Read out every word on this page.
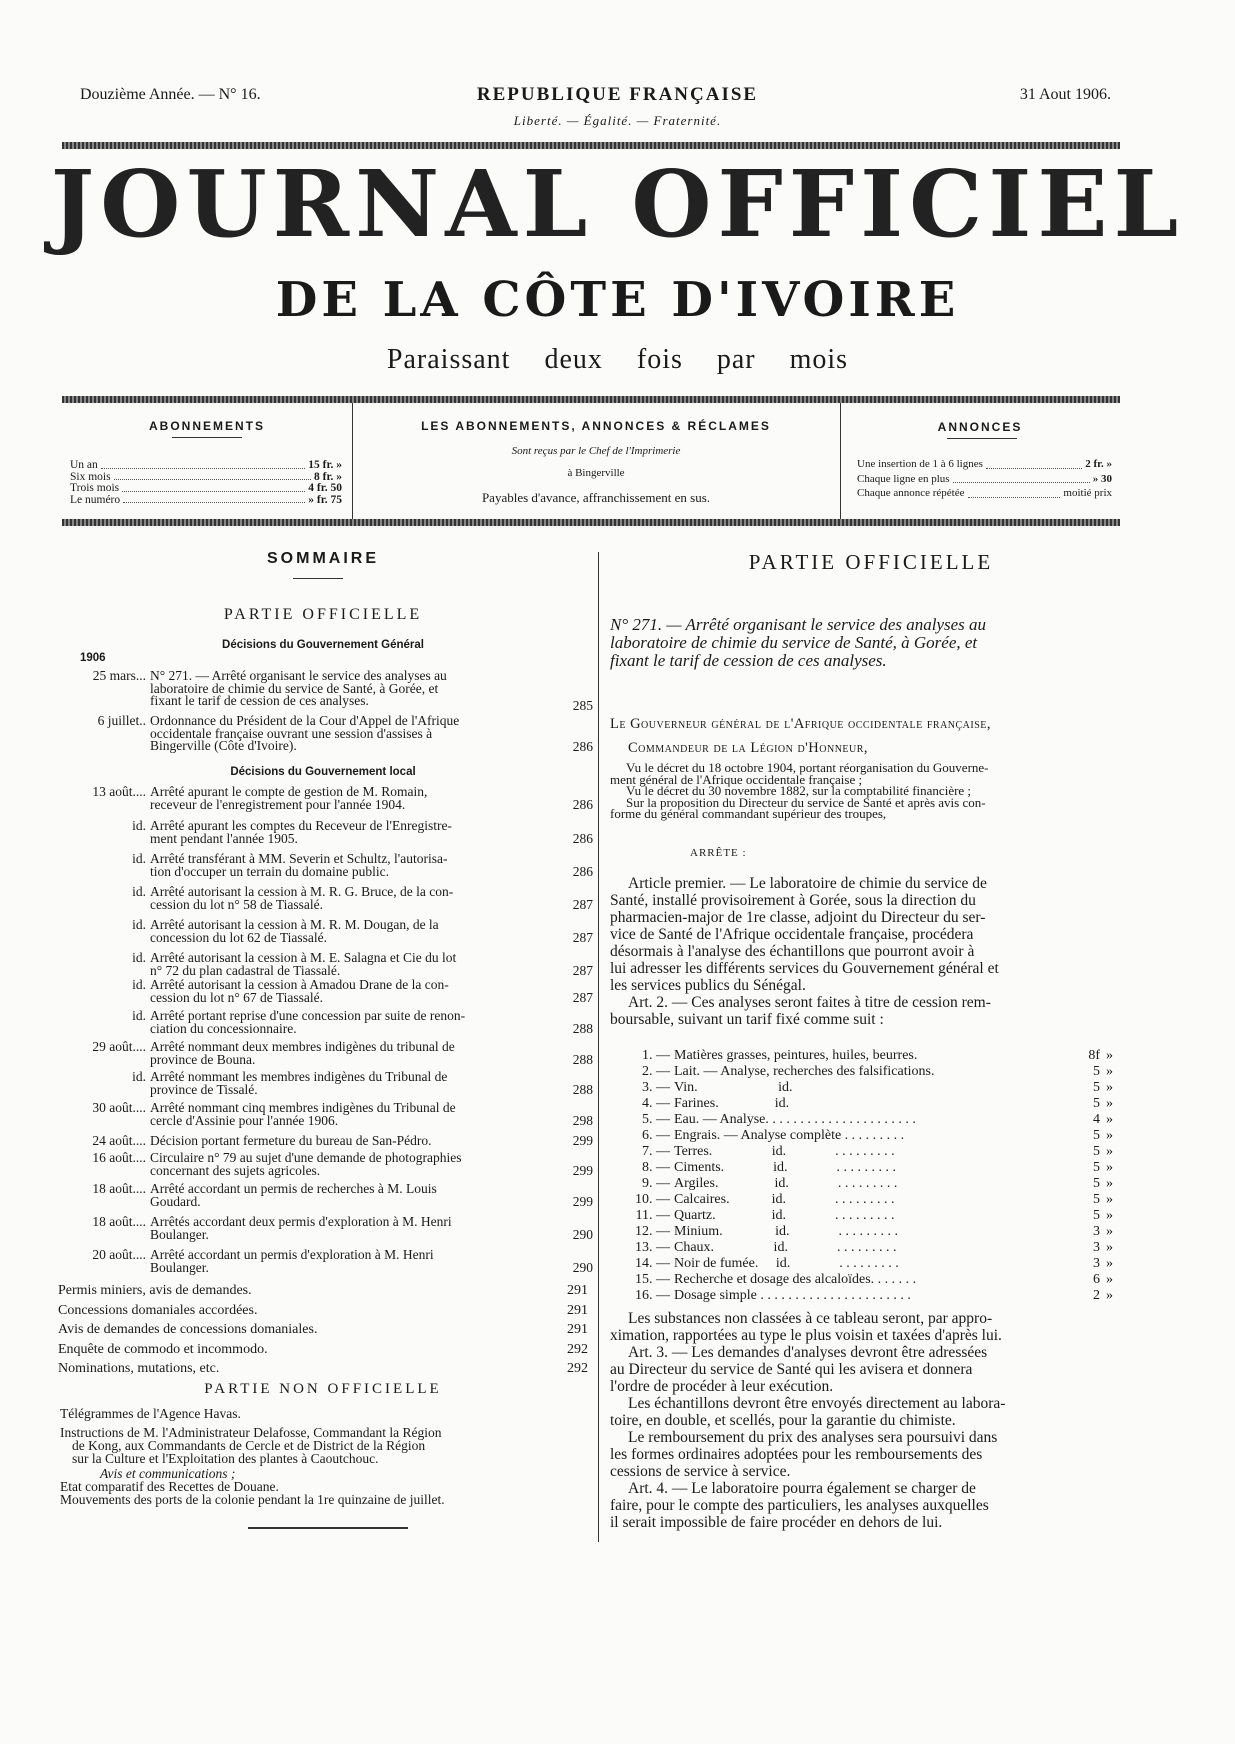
Douzième Année. — N° 16.	REPUBLIQUE FRANÇAISE
Liberté. — Égalité. — Fraternité.
31 Aout 1906.
JOURNAL OFFICIEL
DE LA CÔTE D'IVOIRE
Paraissant deux fois par mois
ABONNEMENTS
Un an	15 fr. »
Six mois	8 fr. »
Trois mois	4 fr. 50
Le numéro	» fr. 75
LES ABONNEMENTS, ANNONCES & RÉCLAMES
Sont reçus par le Chef de l'Imprimerie
à Bingerville
Payables d'avance, affranchissement en sus.
ANNONCES
Une insertion de 1 à 6 lignes	2 fr. »
Chaque ligne en plus	» 30
Chaque annonce répétée	moitié prix
SOMMAIRE
PARTIE OFFICIELLE
Décisions du Gouvernement Général
1906
25 mars... N° 271. — Arrêté organisant le service des analyses au
laboratoire de chimie du service de Santé, à Gorée, et
fixant le tarif de cession de ces analyses.	285
6 juillet.. Ordonnance du Président de la Cour d'Appel de l'Afrique
occidentale française ouvrant une session d'assises à
Bingerville (Côte d'Ivoire).	286
Décisions du Gouvernement local
13 août.... Arrêté apurant le compte de gestion de M. Romain,
receveur de l'enregistrement pour l'année 1904.	286
id. Arrêté apurant les comptes du Receveur de l'Enregistre-
ment pendant l'année 1905.	286
id. Arrêté transférant à MM. Severin et Schultz, l'autorisa-
tion d'occuper un terrain du domaine public.	286
id. Arrêté autorisant la cession à M. R. G. Bruce, de la con-
cession du lot n° 58 de Tiassalé.	287
id. Arrêté autorisant la cession à M. R. M. Dougan, de la
concession du lot 62 de Tiassalé.	287
id. Arrêté autorisant la cession à M. E. Salagna et Cie du lot
n° 72 du plan cadastral de Tiassalé.	287
id. Arrêté autorisant la cession à Amadou Drane de la con-
cession du lot n° 67 de Tiassalé.	287
id. Arrêté portant reprise d'une concession par suite de renon-
ciation du concessionnaire.	288
29 août.... Arrêté nommant deux membres indigènes du tribunal de
province de Bouna.	288
id. Arrêté nommant les membres indigènes du Tribunal de
province de Tissalé.	288
30 août.... Arrêté nommant cinq membres indigènes du Tribunal de
cercle d'Assinie pour l'année 1906.	298
24 août.... Décision portant fermeture du bureau de San-Pédro.	299
16 août.... Circulaire n° 79 au sujet d'une demande de photographies
concernant des sujets agricoles.	299
18 août.... Arrêté accordant un permis de recherches à M. Louis
Goudard.	299
18 août.... Arrêtés accordant deux permis d'exploration à M. Henri
Boulanger.	290
20 août.... Arrêté accordant un permis d'exploration à M. Henri
Boulanger.	290
Permis miniers, avis de demandes.	291
Concessions domaniales accordées.	291
Avis de demandes de concessions domaniales.	291
Enquête de commodo et incommodo.	292
Nominations, mutations, etc.	292
PARTIE NON OFFICIELLE
Télégrammes de l'Agence Havas.
Instructions de M. l'Administrateur Delafosse, Commandant la Région
de Kong, aux Commandants de Cercle et de District de la Région
sur la Culture et l'Exploitation des plantes à Caoutchouc.
Avis et communications ;
Etat comparatif des Recettes de Douane.
Mouvements des ports de la colonie pendant la 1re quinzaine de juillet.
PARTIE OFFICIELLE
N° 271. — Arrêté organisant le service des analyses au
laboratoire de chimie du service de Santé, à Gorée, et
fixant le tarif de cession de ces analyses.
Le Gouverneur général de l'Afrique occidentale française,
Commandeur de la Légion d'Honneur,
Vu le décret du 18 octobre 1904, portant réorganisation du Gouverne-
ment général de l'Afrique occidentale française ;
Vu le décret du 30 novembre 1882, sur la comptabilité financière ;
Sur la proposition du Directeur du service de Santé et après avis con-
forme du général commandant supérieur des troupes,
ARRÊTE :
Article premier. — Le laboratoire de chimie du service de
Santé, installé provisoirement à Gorée, sous la direction du
pharmacien-major de 1re classe, adjoint du Directeur du ser-
vice de Santé de l'Afrique occidentale française, procédera
désormais à l'analyse des échantillons que pourront avoir à
lui adresser les différents services du Gouvernement général et
les services publics du Sénégal.
Art. 2. — Ces analyses seront faites à titre de cession rem-
boursable, suivant un tarif fixé comme suit :
1. — Matières grasses, peintures, huiles, beurres.	8f »
2. — Lait. — Analyse, recherches des falsifications.	5 »
3. — Vin.                       id.	5 »
4. — Farines.                id.	5 »
5. — Eau. — Analyse. . . . . . . . . . . . . . . . . . . . . .	4 »
6. — Engrais. — Analyse complète . . . . . . . . .	5 »
7. — Terres.                 id.              . . . . . . . . .	5 »
8. — Ciments.              id.              . . . . . . . . .	5 »
9. — Argiles.                id.              . . . . . . . . .	5 »
10. — Calcaires.            id.              . . . . . . . . .	5 »
11. — Quartz.                id.              . . . . . . . . .	5 »
12. — Minium.               id.              . . . . . . . . .	3 »
13. — Chaux.                 id.              . . . . . . . . .	3 »
14. — Noir de fumée.     id.              . . . . . . . . .	3 »
15. — Recherche et dosage des alcaloïdes. . . . . . .	6 »
16. — Dosage simple . . . . . . . . . . . . . . . . . . . . . .	2 »
Les substances non classées à ce tableau seront, par appro-
ximation, rapportées au type le plus voisin et taxées d'après lui.
Art. 3. — Les demandes d'analyses devront être adressées
au Directeur du service de Santé qui les avisera et donnera
l'ordre de procéder à leur exécution.
Les échantillons devront être envoyés directement au labora-
toire, en double, et scellés, pour la garantie du chimiste.
Le remboursement du prix des analyses sera poursuivi dans
les formes ordinaires adoptées pour les remboursements des
cessions de service à service.
Art. 4. — Le laboratoire pourra également se charger de
faire, pour le compte des particuliers, les analyses auxquelles
il serait impossible de faire procéder en dehors de lui.
